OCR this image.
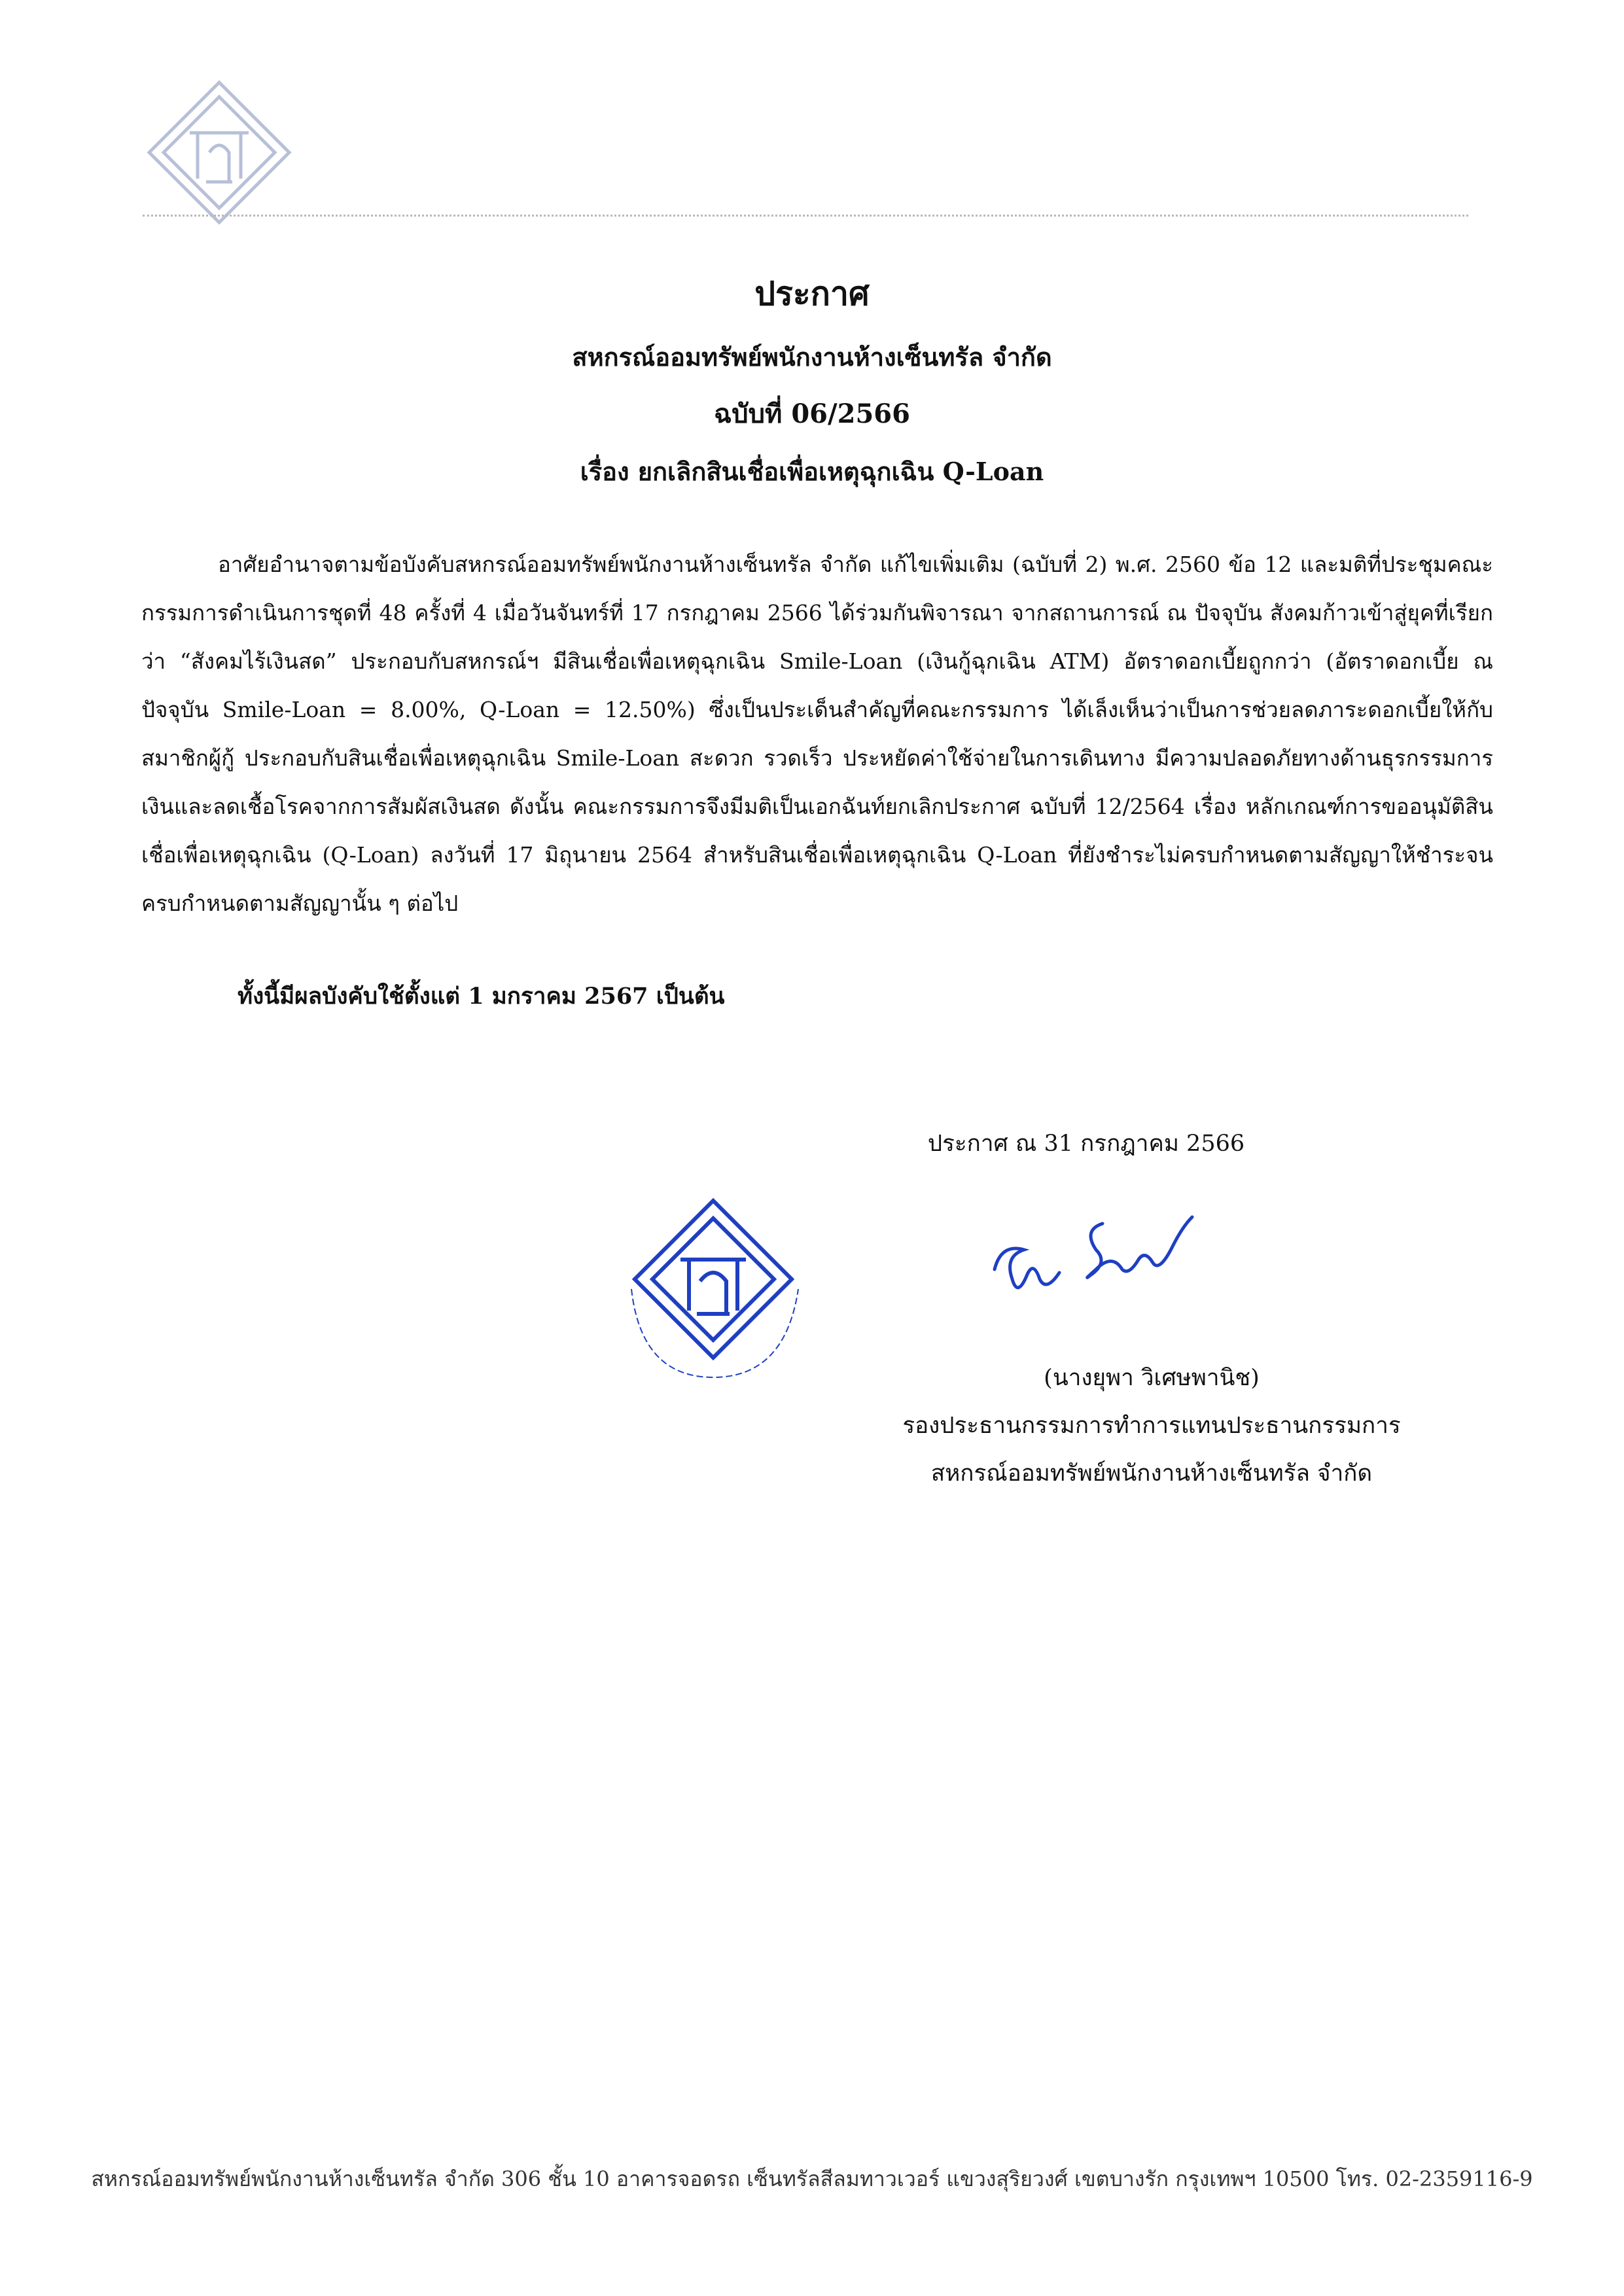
ประกาศ
สหกรณ์ออมทรัพย์พนักงานห้างเซ็นทรัล จำกัด
ฉบับที่ 06/2566
เรื่อง ยกเลิกสินเชื่อเพื่อเหตุฉุกเฉิน Q-Loan

อาศัยอำนาจตามข้อบังคับสหกรณ์ออมทรัพย์พนักงานห้างเซ็นทรัล จำกัด แก้ไขเพิ่มเติม (ฉบับที่ 2) พ.ศ. 2560 ข้อ 12 และมติที่ประชุมคณะกรรมการดำเนินการชุดที่ 48 ครั้งที่ 4 เมื่อวันจันทร์ที่ 17 กรกฎาคม 2566 ได้ร่วมกันพิจารณา จากสถานการณ์ ณ ปัจจุบัน สังคมก้าวเข้าสู่ยุคที่เรียกว่า “สังคมไร้เงินสด” ประกอบกับสหกรณ์ฯ มีสินเชื่อเพื่อเหตุฉุกเฉิน Smile-Loan (เงินกู้ฉุกเฉิน ATM) อัตราดอกเบี้ยถูกกว่า (อัตราดอกเบี้ย ณ ปัจจุบัน Smile-Loan = 8.00%, Q-Loan = 12.50%) ซึ่งเป็นประเด็นสำคัญที่คณะกรรมการ ได้เล็งเห็นว่าเป็นการช่วยลดภาระดอกเบี้ยให้กับสมาชิกผู้กู้ ประกอบกับสินเชื่อเพื่อเหตุฉุกเฉิน Smile-Loan สะดวก รวดเร็ว ประหยัดค่าใช้จ่ายในการเดินทาง มีความปลอดภัยทางด้านธุรกรรมการเงินและลดเชื้อโรคจากการสัมผัสเงินสด ดังนั้น คณะกรรมการจึงมีมติเป็นเอกฉันท์ยกเลิกประกาศ ฉบับที่ 12/2564 เรื่อง หลักเกณฑ์การขออนุมัติสินเชื่อเพื่อเหตุฉุกเฉิน (Q-Loan) ลงวันที่ 17 มิถุนายน 2564 สำหรับสินเชื่อเพื่อเหตุฉุกเฉิน Q-Loan ที่ยังชำระไม่ครบกำหนดตามสัญญาให้ชำระจนครบกำหนดตามสัญญานั้น ๆ ต่อไป

ทั้งนี้มีผลบังคับใช้ตั้งแต่ 1 มกราคม 2567 เป็นต้น
ประกาศ ณ 31 กรกฎาคม 2566
(นางยุพา วิเศษพานิช)
รองประธานกรรมการทำการแทนประธานกรรมการ
สหกรณ์ออมทรัพย์พนักงานห้างเซ็นทรัล จำกัด
สหกรณ์ออมทรัพย์พนักงานห้างเซ็นทรัล จำกัด 306 ชั้น 10 อาคารจอดรถ เซ็นทรัลสีลมทาวเวอร์ แขวงสุริยวงศ์ เขตบางรัก กรุงเทพฯ 10500 โทร. 02-2359116-9
